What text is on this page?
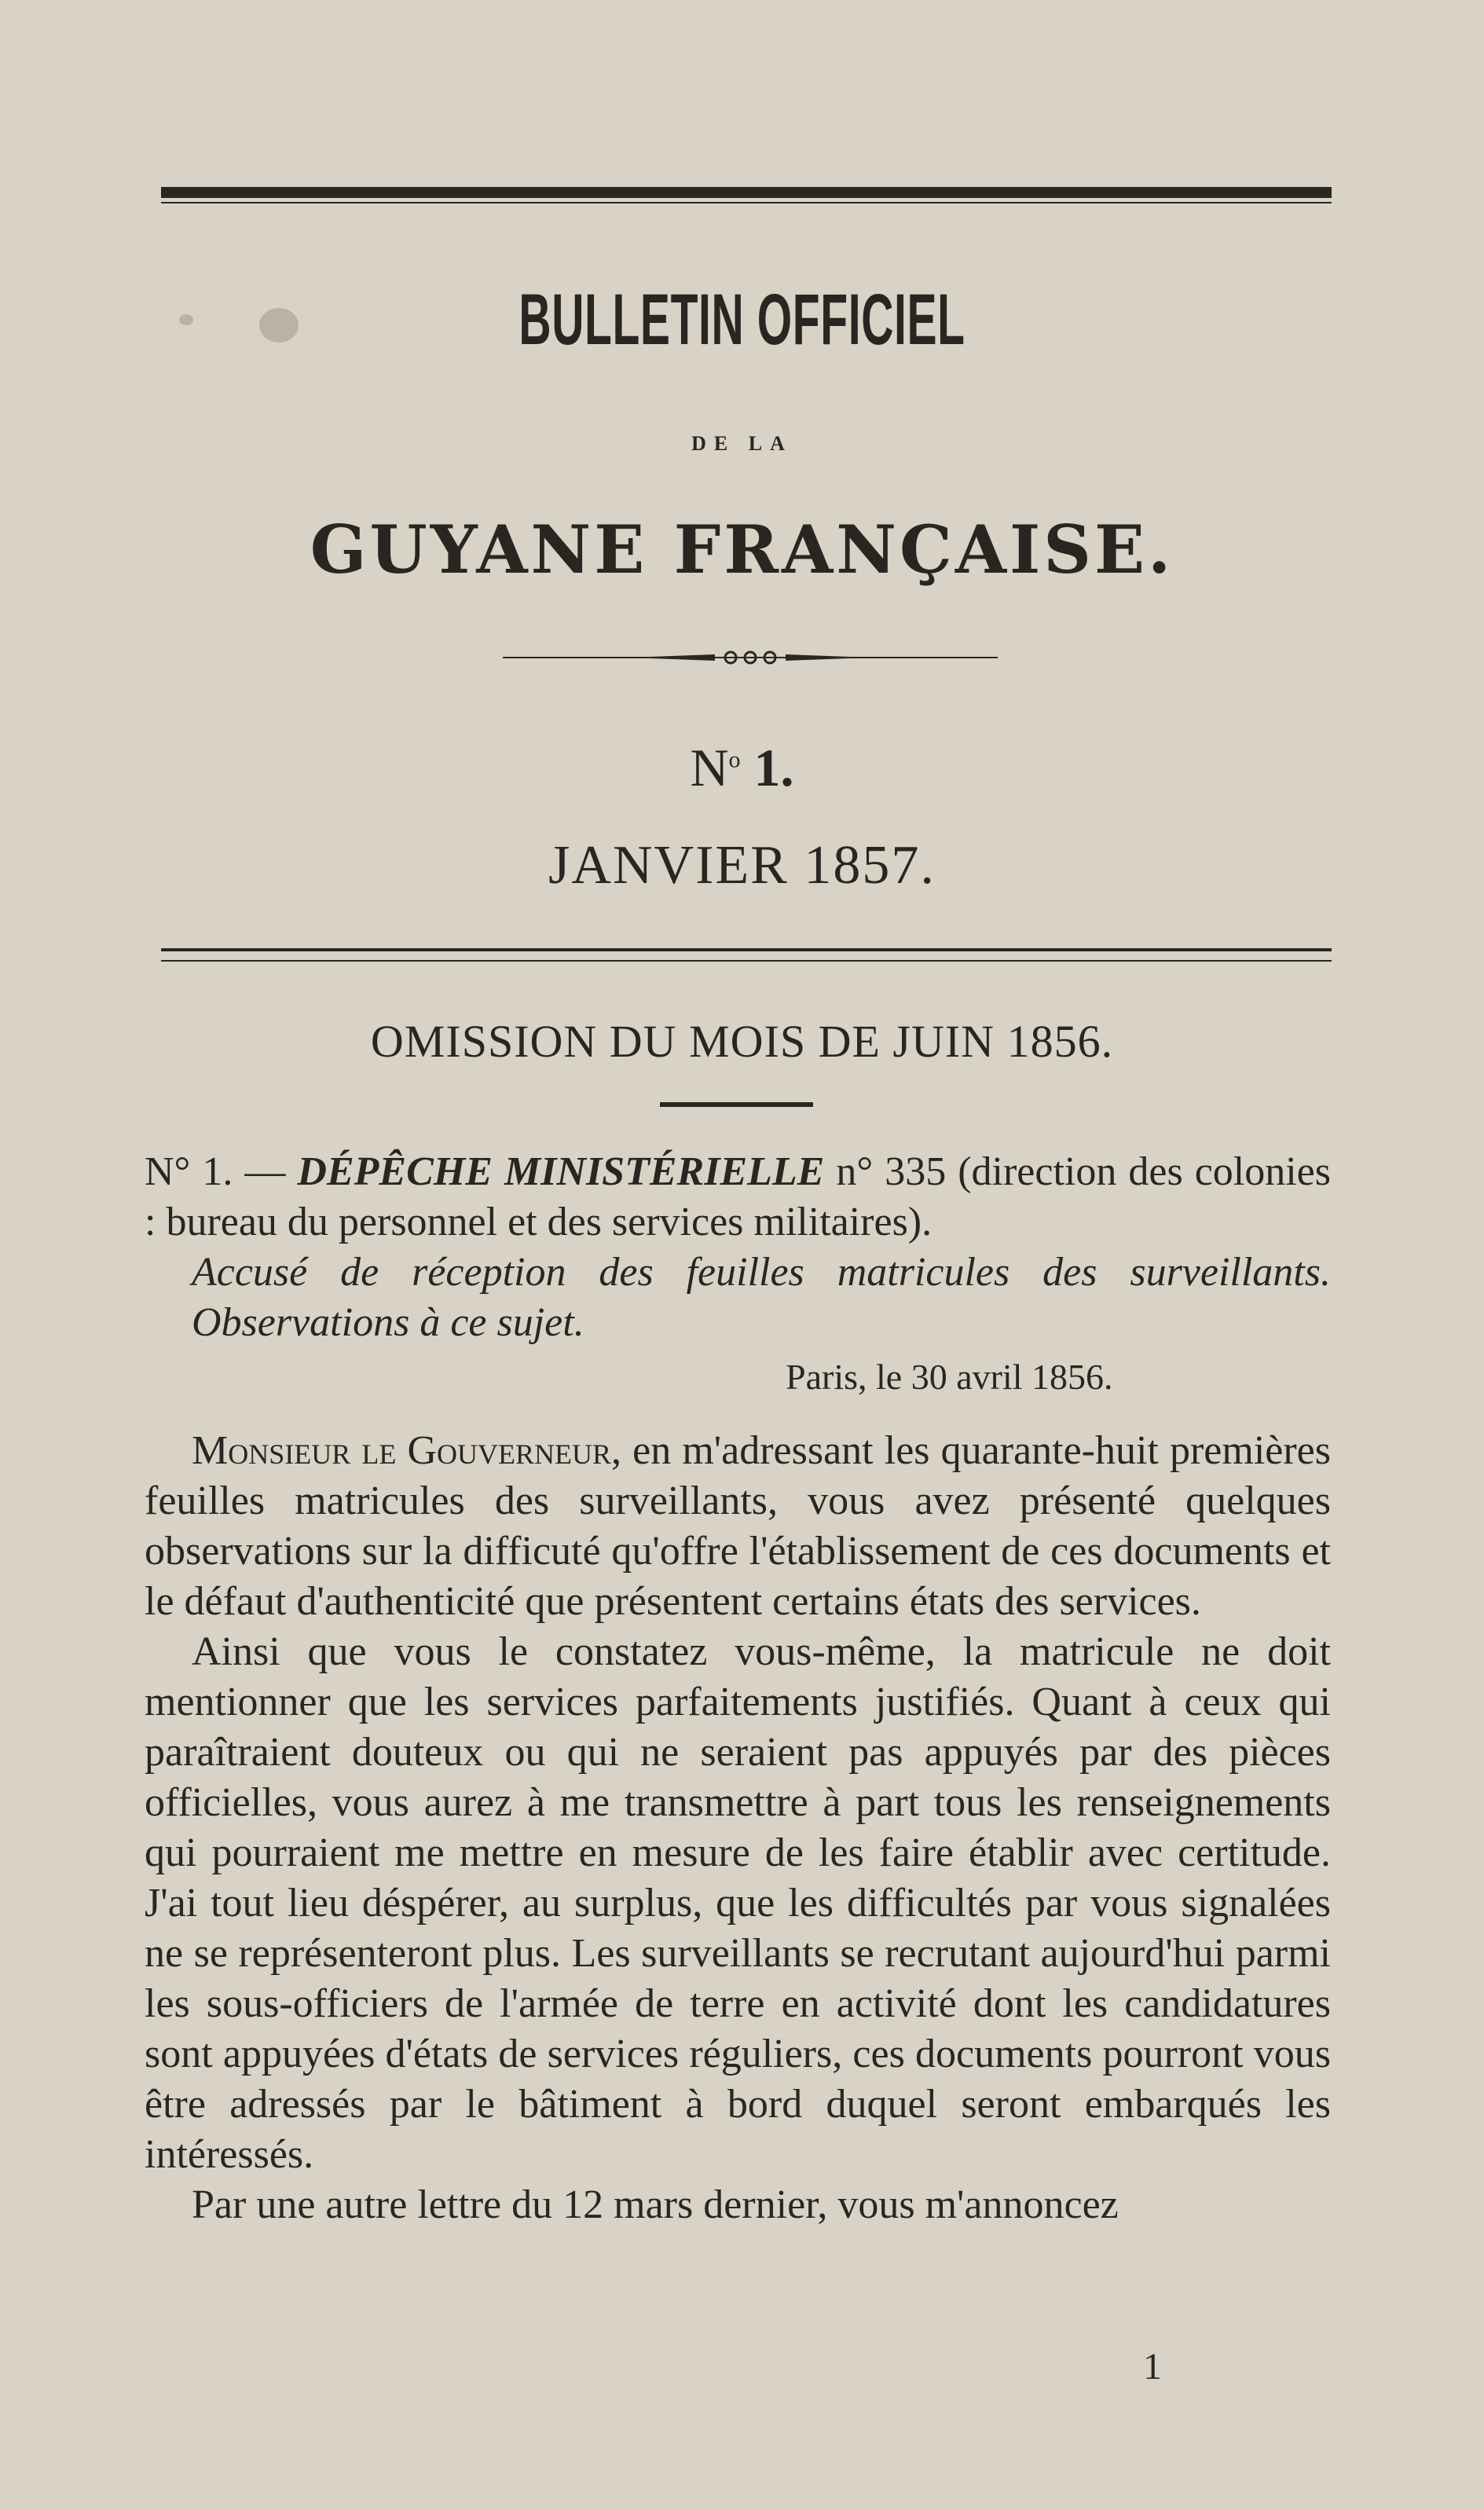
BULLETIN OFFICIEL
DE LA
GUYANE FRANÇAISE.
$N^o$ 1.
JANVIER 1857.
OMISSION DU MOIS DE JUIN 1856.
N° 1. — DÉPÊCHE MINISTÉRIELLE n° 335 (direction des colonies : bureau du personnel et des services militaires).
Accusé de réception des feuilles matricules des surveillants. Observations à ce sujet.
Paris, le 30 avril 1856.

Monsieur le Gouverneur, en m'adressant les quarante-huit premières feuilles matricules des surveillants, vous avez présenté quelques observations sur la difficuté qu'offre l'établissement de ces documents et le défaut d'authenticité que présentent certains états des services.

Ainsi que vous le constatez vous-même, la matricule ne doit mentionner que les services parfaitements justifiés. Quant à ceux qui paraîtraient douteux ou qui ne seraient pas appuyés par des pièces officielles, vous aurez à me transmettre à part tous les renseignements qui pourraient me mettre en mesure de les faire établir avec certitude. J'ai tout lieu déspérer, au surplus, que les difficultés par vous signalées ne se représenteront plus. Les surveillants se recrutant aujourd'hui parmi les sous-officiers de l'armée de terre en activité dont les candidatures sont appuyées d'états de services réguliers, ces documents pourront vous être adressés par le bâtiment à bord duquel seront embarqués les intéressés.

Par une autre lettre du 12 mars dernier, vous m'annoncez

1
